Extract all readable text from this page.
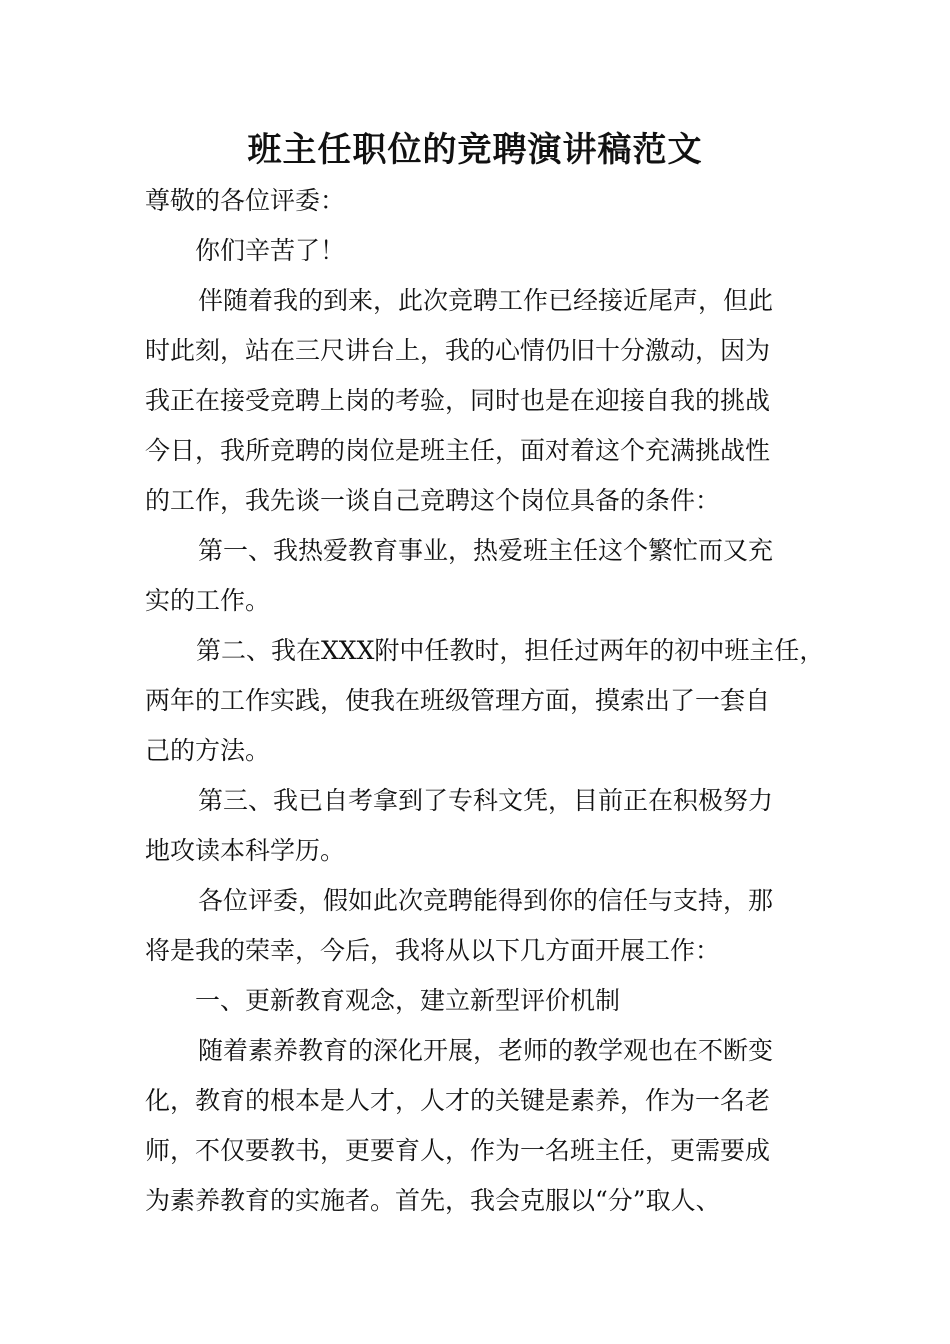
班主任职位的竞聘演讲稿范文
尊敬的各位评委：
你们辛苦了！
伴随着我的到来，此次竞聘工作已经接近尾声，但此
时此刻，站在三尺讲台上，我的心情仍旧十分激动，因为
我正在接受竞聘上岗的考验，同时也是在迎接自我的挑战
今日，我所竞聘的岗位是班主任，面对着这个充满挑战性
的工作，我先谈一谈自己竞聘这个岗位具备的条件：
第一、我热爱教育事业，热爱班主任这个繁忙而又充
实的工作。
第二、我在XXX附中任教时，担任过两年的初中班主任，
两年的工作实践，使我在班级管理方面，摸索出了一套自
己的方法。
第三、我已自考拿到了专科文凭，目前正在积极努力
地攻读本科学历。
各位评委，假如此次竞聘能得到你的信任与支持，那
将是我的荣幸，今后，我将从以下几方面开展工作：
一、更新教育观念，建立新型评价机制
随着素养教育的深化开展，老师的教学观也在不断变
化，教育的根本是人才，人才的关键是素养，作为一名老
师，不仅要教书，更要育人，作为一名班主任，更需要成
为素养教育的实施者。首先，我会克服以“分”取人、
